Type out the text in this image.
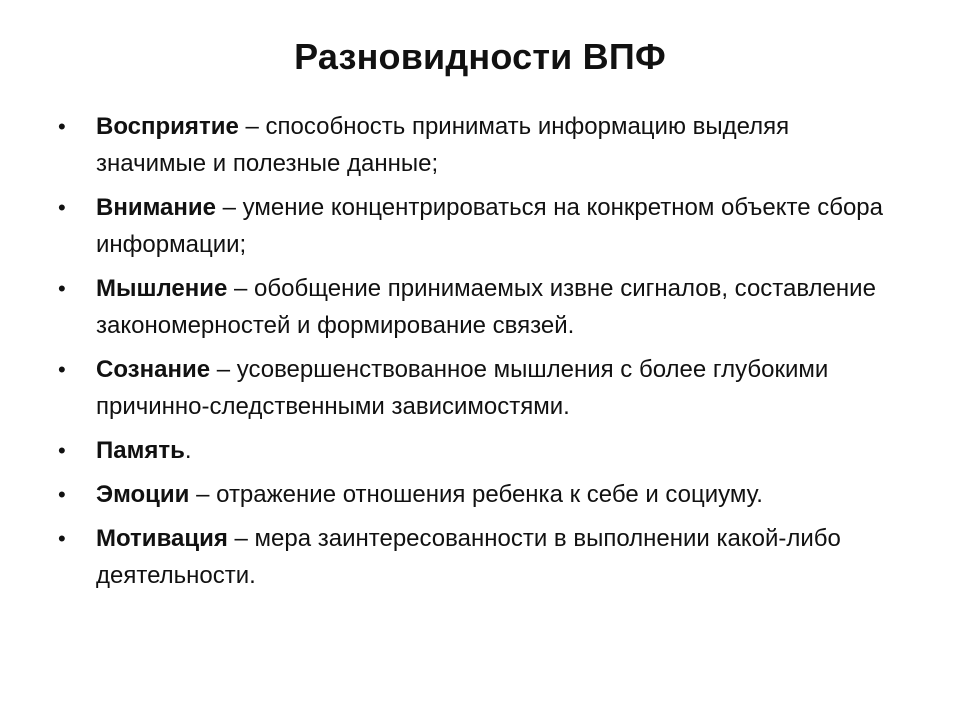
Разновидности ВПФ
•	Восприятие – способность принимать информацию выделяя значимые и полезные данные;
•	Внимание – умение концентрироваться на конкретном объекте сбора информации;
•	Мышление – обобщение принимаемых извне сигналов, составление закономерностей и формирование связей.
•	Сознание – усовершенствованное мышления с более глубокими причинно-следственными зависимостями.
•	Память.
•	Эмоции – отражение отношения ребенка к себе и социуму.
•	Мотивация – мера заинтересованности в выполнении какой-либо деятельности.
